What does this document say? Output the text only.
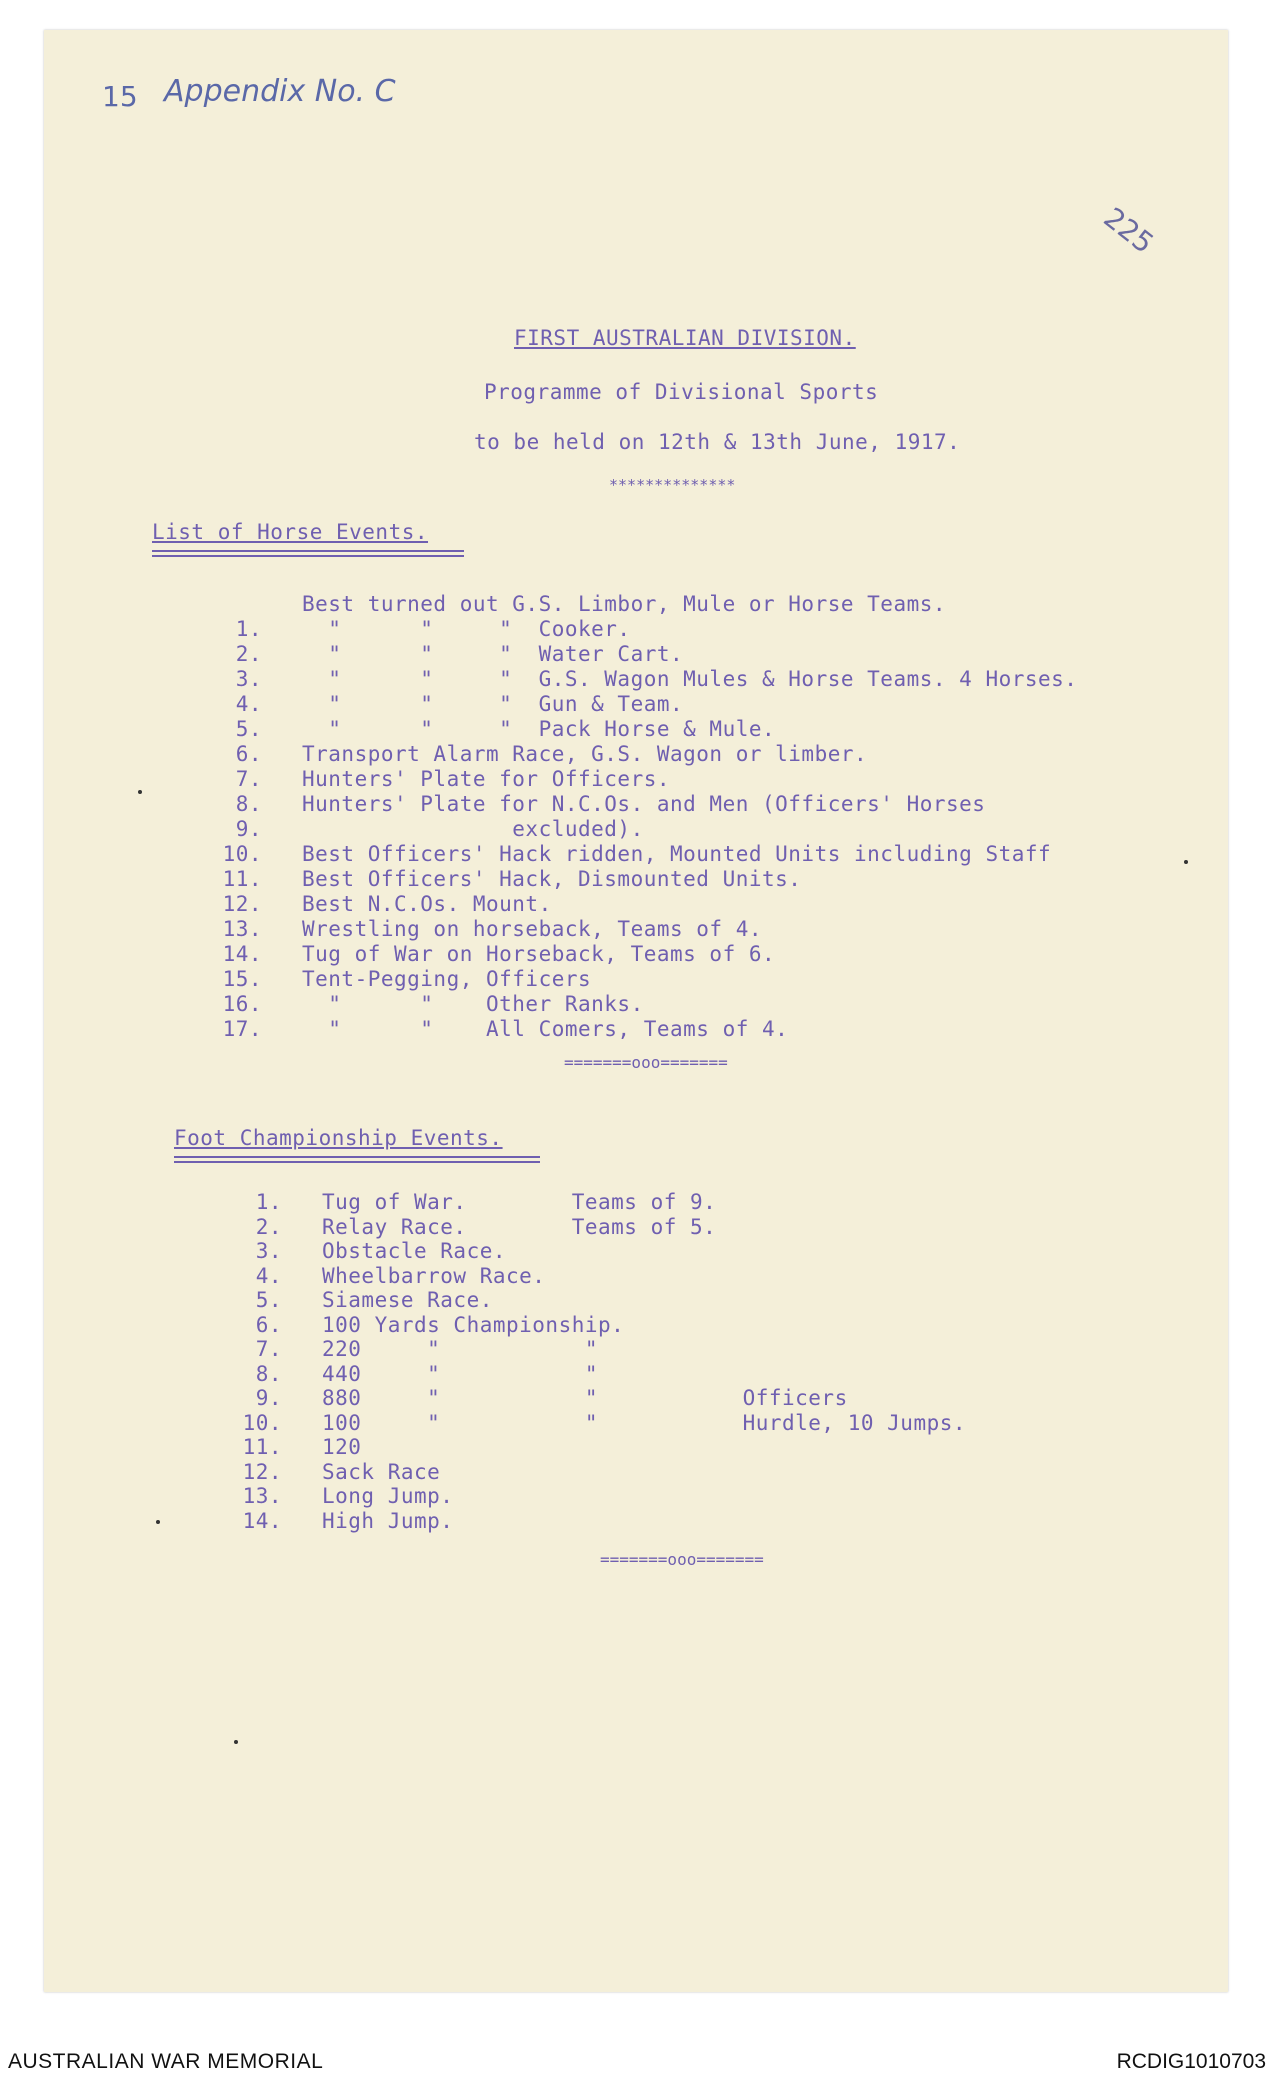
15 Appendix No. C
225
FIRST AUSTRALIAN DIVISION.
Programme of Divisional Sports
to be held on 12th & 13th June, 1917.
**************
List of Horse Events.
Best turned out G.S. Limbor, Mule or Horse Teams.
1. "      "     "  Cooker.
2. "      "     "  Water Cart.
3. "      "     "  G.S. Wagon Mules & Horse Teams. 4 Horses.
4. "      "     "  Gun & Team.
5. "      "     "  Pack Horse & Mule.
6. Transport Alarm Race, G.S. Wagon or limber.
7. Hunters' Plate for Officers.
8. Hunters' Plate for N.C.Os. and Men (Officers' Horses
9. excluded).
10. Best Officers' Hack ridden, Mounted Units including Staff
11. Best Officers' Hack, Dismounted Units.
12. Best N.C.Os. Mount.
13. Wrestling on horseback, Teams of 4.
14. Tug of War on Horseback, Teams of 6.
15. Tent-Pegging, Officers
16. "      "    Other Ranks.
17. "      "    All Comers, Teams of 4.
=======ooo=======
Foot Championship Events.
1. Tug of War.        Teams of 9.
2. Relay Race.        Teams of 5.
3. Obstacle Race.
4. Wheelbarrow Race.
5. Siamese Race.
6. 100 Yards Championship.
7. 220     "           "
8. 440     "           "
9. 880     "           "           Officers
10. 100     "           "           Hurdle, 10 Jumps.
11. 120
12. Sack Race
13. Long Jump.
14. High Jump.
=======ooo=======
AUSTRALIAN WAR MEMORIAL	RCDIG1010703
